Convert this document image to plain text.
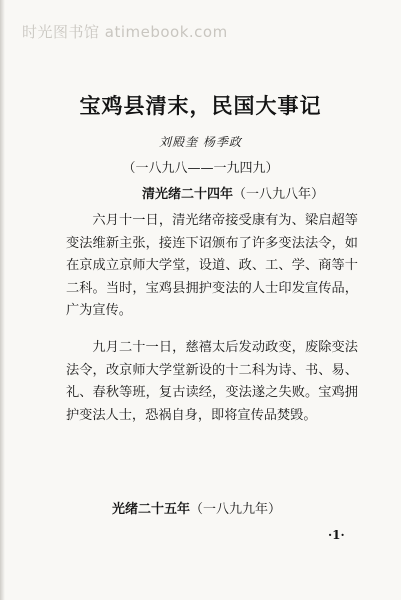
时光图书馆 atimebook.com
宝鸡县清末，民国大事记
刘殿奎 杨季政
（一八九八——一九四九）
清光绪二十四年（一八九八年）

六月十一日，清光绪帝接受康有为、梁启超等变法维新主张，接连下诏颁布了许多变法法令，如在京成立京师大学堂，设道、政、工、学、商等十二科。当时，宝鸡县拥护变法的人士印发宣传品，广为宣传。

九月二十一日，慈禧太后发动政变，废除变法法令，改京师大学堂新设的十二科为诗、书、易、礼、春秋等班，复古读经，变法遂之失败。宝鸡拥护变法人士，恐祸自身，即将宣传品焚毁。

光绪二十五年（一八九九年）
·1·
